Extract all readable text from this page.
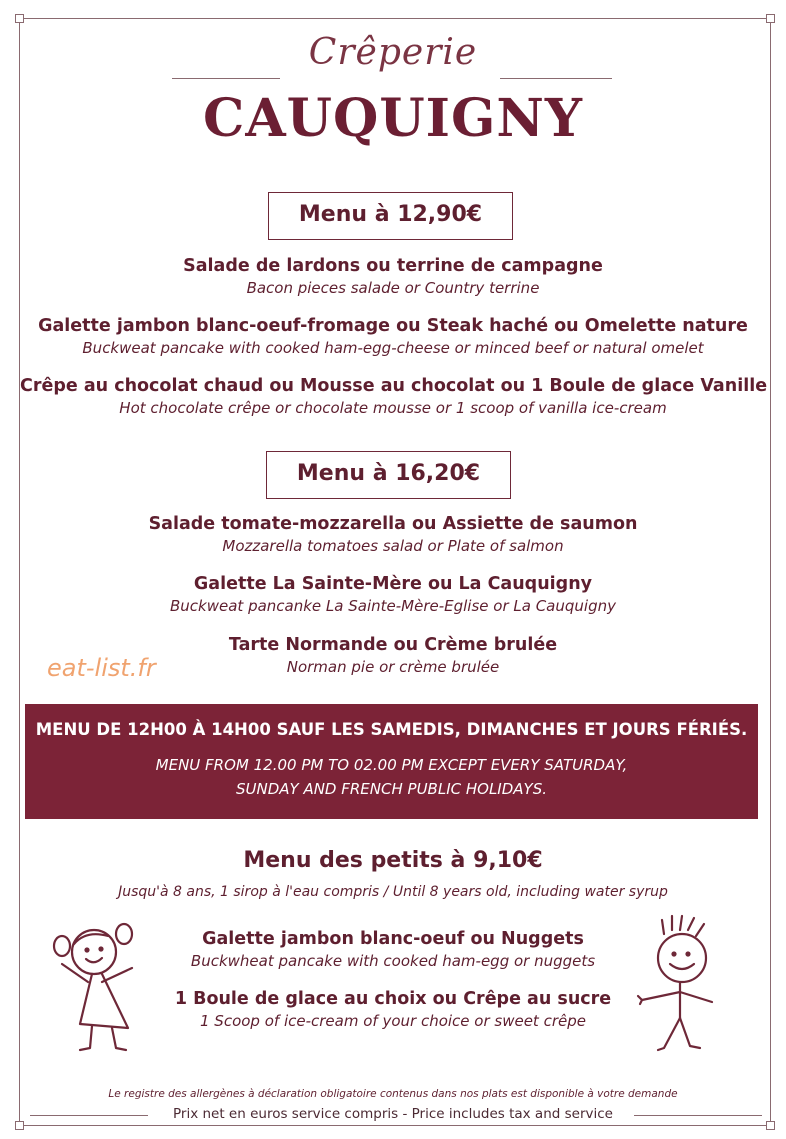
Crêperie
CAUQUIGNY
Menu à 12,90€
Salade de lardons ou terrine de campagne
Bacon pieces salade or Country terrine
Galette jambon blanc-oeuf-fromage ou Steak haché ou Omelette nature
Buckweat pancake with cooked ham-egg-cheese or minced beef or natural omelet
Crêpe au chocolat chaud ou Mousse au chocolat ou 1 Boule de glace Vanille
Hot chocolate crêpe or chocolate mousse or 1 scoop of vanilla ice-cream
Menu à 16,20€
Salade tomate-mozzarella ou Assiette de saumon
Mozzarella tomatoes salad or Plate of salmon
Galette La Sainte-Mère ou La Cauquigny
Buckweat pancanke La Sainte-Mère-Eglise or La Cauquigny
Tarte Normande ou Crème brulée
Norman pie or crème brulée
eat-list.fr
MENU DE 12H00 À 14H00 SAUF LES SAMEDIS, DIMANCHES ET JOURS FÉRIÉS.
MENU FROM 12.00 PM TO 02.00 PM EXCEPT EVERY SATURDAY,
SUNDAY AND FRENCH PUBLIC HOLIDAYS.
Menu des petits à 9,10€
Jusqu'à 8 ans, 1 sirop à l'eau compris / Until 8 years old, including water syrup
Galette jambon blanc-oeuf ou Nuggets
Buckwheat pancake with cooked ham-egg or nuggets
1 Boule de glace au choix ou Crêpe au sucre
1 Scoop of ice-cream of your choice or sweet crêpe
Le registre des allergènes à déclaration obligatoire contenus dans nos plats est disponible à votre demande
Prix net en euros service compris - Price includes tax and service
